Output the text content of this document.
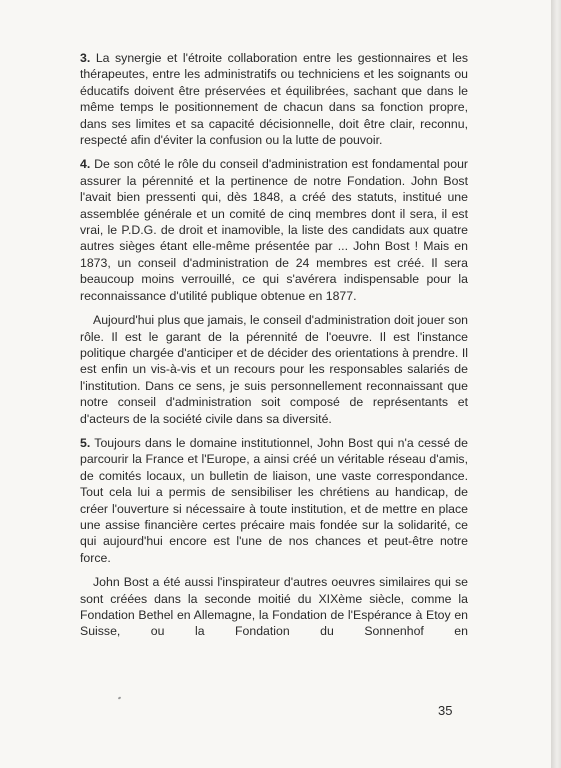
3. La synergie et l'étroite collaboration entre les gestionnaires et les thérapeutes, entre les administratifs ou techniciens et les soignants ou éducatifs doivent être préservées et équilibrées, sachant que dans le même temps le positionnement de chacun dans sa fonction propre, dans ses limites et sa capacité décisionnelle, doit être clair, reconnu, respecté afin d'éviter la confusion ou la lutte de pouvoir.

4. De son côté le rôle du conseil d'administration est fondamental pour assurer la pérennité et la pertinence de notre Fondation. John Bost l'avait bien pressenti qui, dès 1848, a créé des statuts, institué une assemblée générale et un comité de cinq membres dont il sera, il est vrai, le P.D.G. de droit et inamovible, la liste des candidats aux quatre autres sièges étant elle-même présentée par ... John Bost ! Mais en 1873, un conseil d'administration de 24 membres est créé. Il sera beaucoup moins verrouillé, ce qui s'avérera indispensable pour la reconnaissance d'utilité publique obtenue en 1877.

Aujourd'hui plus que jamais, le conseil d'administration doit jouer son rôle. Il est le garant de la pérennité de l'oeuvre. Il est l'instance politique chargée d'anticiper et de décider des orientations à prendre. Il est enfin un vis-à-vis et un recours pour les responsables salariés de l'institution. Dans ce sens, je suis personnellement reconnaissant que notre conseil d'administration soit composé de représentants et d'acteurs de la société civile dans sa diversité.

5. Toujours dans le domaine institutionnel, John Bost qui n'a cessé de parcourir la France et l'Europe, a ainsi créé un véritable réseau d'amis, de comités locaux, un bulletin de liaison, une vaste correspondance. Tout cela lui a permis de sensibiliser les chrétiens au handicap, de créer l'ouverture si nécessaire à toute institution, et de mettre en place une assise financière certes précaire mais fondée sur la solidarité, ce qui aujourd'hui encore est l'une de nos chances et peut-être notre force.

John Bost a été aussi l'inspirateur d'autres oeuvres similaires qui se sont créées dans la seconde moitié du XIXème siècle, comme la Fondation Bethel en Allemagne, la Fondation de l'Espérance à Etoy en Suisse, ou la Fondation du Sonnenhof en

35
